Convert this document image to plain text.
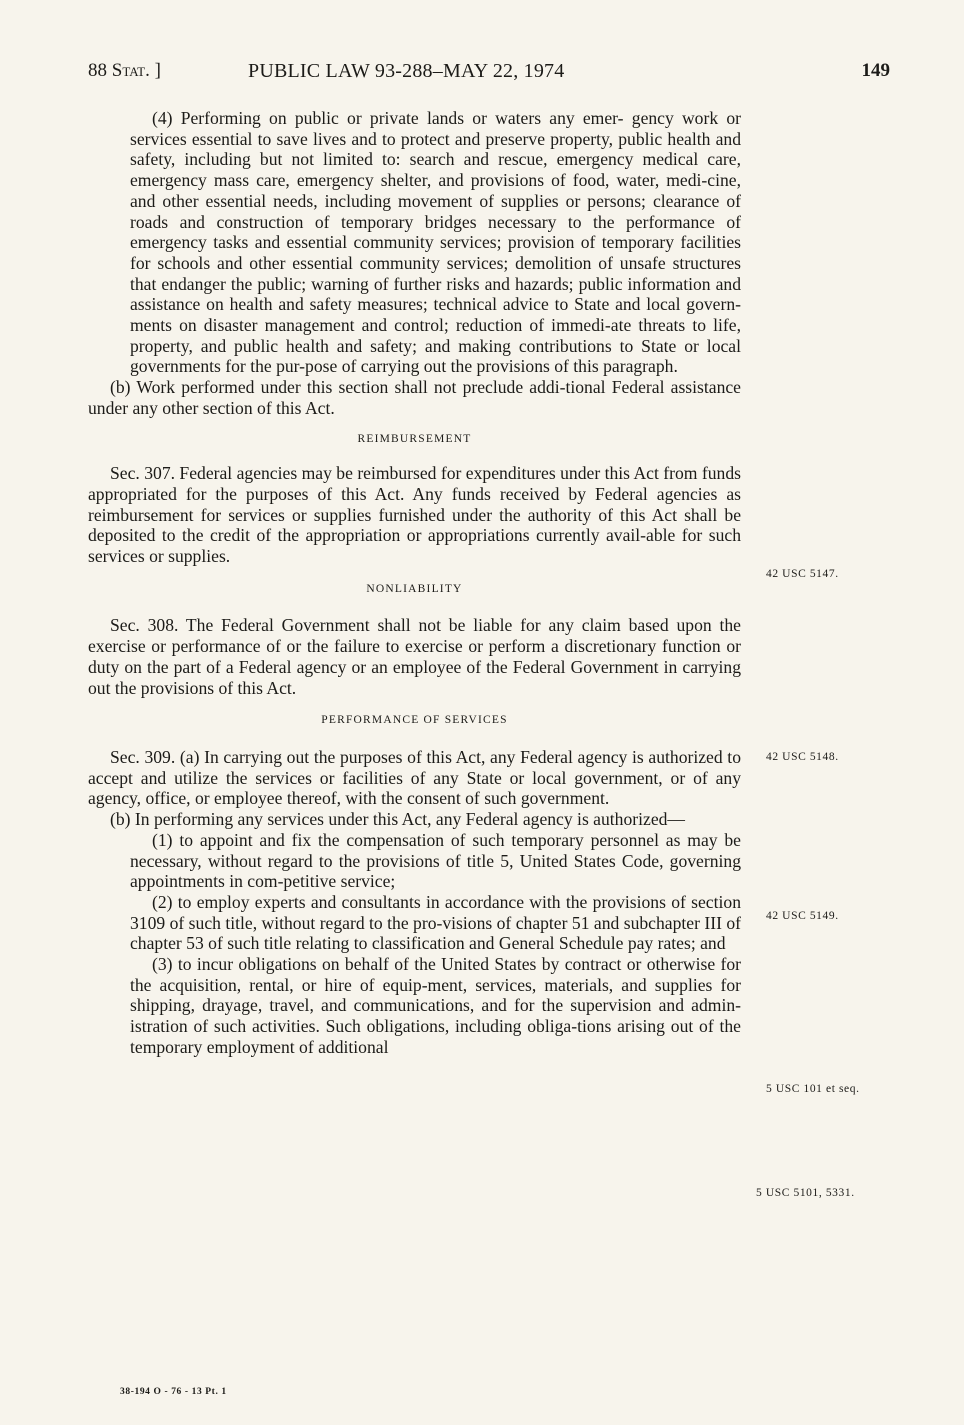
88 Stat. ]	PUBLIC LAW 93-288–MAY 22, 1974	149

(4) Performing on public or private lands or waters any emer- gency work or services essential to save lives and to protect and preserve property, public health and safety, including but not limited to: search and rescue, emergency medical care, emergency mass care, emergency shelter, and provisions of food, water, medi-cine, and other essential needs, including movement of supplies or persons; clearance of roads and construction of temporary bridges necessary to the performance of emergency tasks and essential community services; provision of temporary facilities for schools and other essential community services; demolition of unsafe structures that endanger the public; warning of further risks and hazards; public information and assistance on health and safety measures; technical advice to State and local govern-ments on disaster management and control; reduction of immedi-ate threats to life, property, and public health and safety; and making contributions to State or local governments for the pur-pose of carrying out the provisions of this paragraph.

(b) Work performed under this section shall not preclude addi-tional Federal assistance under any other section of this Act.

REIMBURSEMENT

Sec. 307. Federal agencies may be reimbursed for expenditures under this Act from funds appropriated for the purposes of this Act. Any funds received by Federal agencies as reimbursement for services or supplies furnished under the authority of this Act shall be deposited to the credit of the appropriation or appropriations currently avail-able for such services or supplies.

NONLIABILITY

Sec. 308. The Federal Government shall not be liable for any claim based upon the exercise or performance of or the failure to exercise or perform a discretionary function or duty on the part of a Federal agency or an employee of the Federal Government in carrying out the provisions of this Act.

PERFORMANCE OF SERVICES

Sec. 309. (a) In carrying out the purposes of this Act, any Federal agency is authorized to accept and utilize the services or facilities of any State or local government, or of any agency, office, or employee thereof, with the consent of such government.

(b) In performing any services under this Act, any Federal agency is authorized—

(1) to appoint and fix the compensation of such temporary personnel as may be necessary, without regard to the provisions of title 5, United States Code, governing appointments in com-petitive service;

(2) to employ experts and consultants in accordance with the provisions of section 3109 of such title, without regard to the pro-visions of chapter 51 and subchapter III of chapter 53 of such title relating to classification and General Schedule pay rates; and

(3) to incur obligations on behalf of the United States by contract or otherwise for the acquisition, rental, or hire of equip-ment, services, materials, and supplies for shipping, drayage, travel, and communications, and for the supervision and admin-istration of such activities. Such obligations, including obliga-tions arising out of the temporary employment of additional

42 USC 5147.
42 USC 5148.
42 USC 5149.
5 USC 101 et seq.
5 USC 5101, 5331.
38-194 O - 76 - 13 Pt. 1
